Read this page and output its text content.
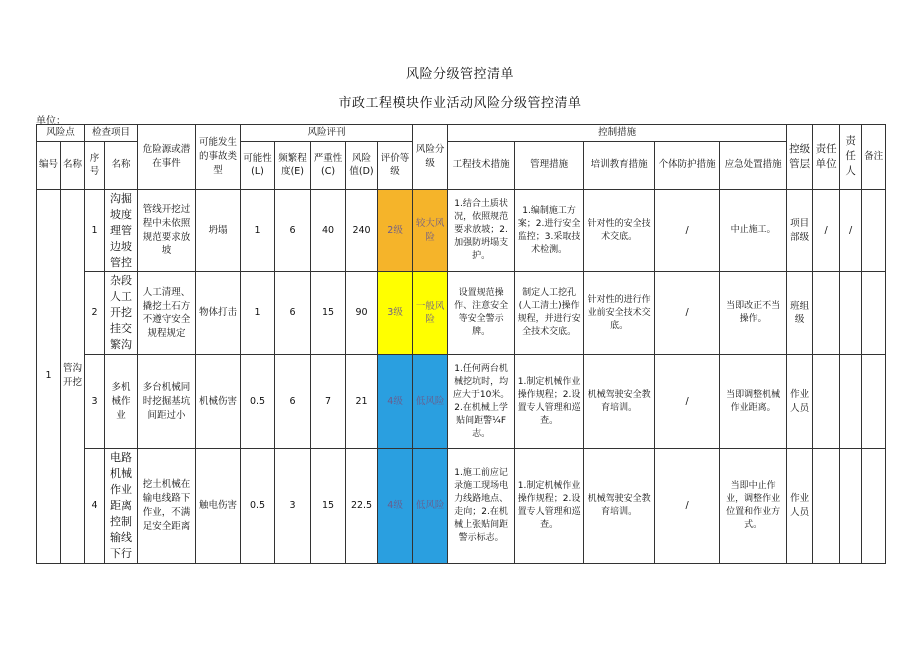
风险分级管控清单
市政工程模块作业活动风险分级管控清单
单位：
风险点		检查项目		危险源或潜在事件	可能发生的事故类型	风险评刊					风险分级	控制措施					控级管层	责任单位	责任人	备注
编号	名称	序号	名称			可能性(L)	频繁程度(E)	严重性(C)	风险值(D)	评价等级		工程技术措施	管理措施	培训教育措施	个体防护措施	应急处置措施				
1	管沟开挖	1	沟掘坡度理管边坡管控	管线开挖过程中未依照规范要求放坡	坍塌	1	6	40	240	2级	较大风险	1.结合土质状况，依照规范要求放坡；2.加强防坍塌支护。	1.编制施工方案；2.进行安全监控；3.采取技术检测。	针对性的安全技术交底。	/	中止施工。	项目部级	/	/	
		2	杂段人工开挖挂交繁沟	人工清理、撬挖土石方不遵守安全规程规定	物体打击	1	6	15	90	3级	一般风险	设置规范操作、注意安全等安全警示牌。	制定人工挖孔(人工清土)操作规程，并进行安全技术交底。	针对性的进行作业前安全技术交底。	/	当即改正不当操作。	班组级			
		3	多机械作业	多台机械同时挖掘基坑间距过小	机械伤害	0.5	6	7	21	4级	低风险	1.任何两台机械挖坑时，均应大于10米。2.在机械上学贴间距警¼F志。	1.制定机械作业操作规程；2.设置专人管理和巡查。	机械驾驶安全教育培训。	/	当即调整机械作业距离。	作业人员			
		4	电路机械作业距离控制输线下行	挖土机械在输电线路下作业，不满足安全距离	触电伤害	0.5	3	15	22.5	4级	低风险	1.施工前应记录施工现场电力线路地点、走向；2.在机械上张贴间距警示标志。	1.制定机械作业操作规程；2.设置专人管理和巡查。	机械驾驶安全教育培训。	/	当即中止作业，调整作业位置和作业方式。	作业人员			
